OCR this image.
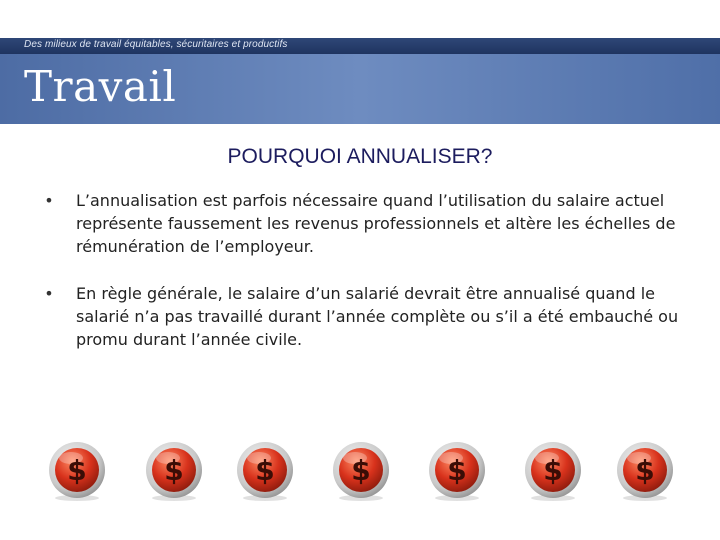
Des milieux de travail équitables, sécuritaires et productifs
Travail
POURQUOI ANNUALISER?
•	L’annualisation est parfois nécessaire quand l’utilisation du salaire actuel représente faussement les revenus professionnels et altère les échelles de rémunération de l’employeur.
•	En règle générale, le salaire d’un salarié devrait être annualisé quand le salarié n’a pas travaillé durant l’année complète ou s’il a été embauché ou promu durant l’année civile.
$	$	$	$	$	$	$
